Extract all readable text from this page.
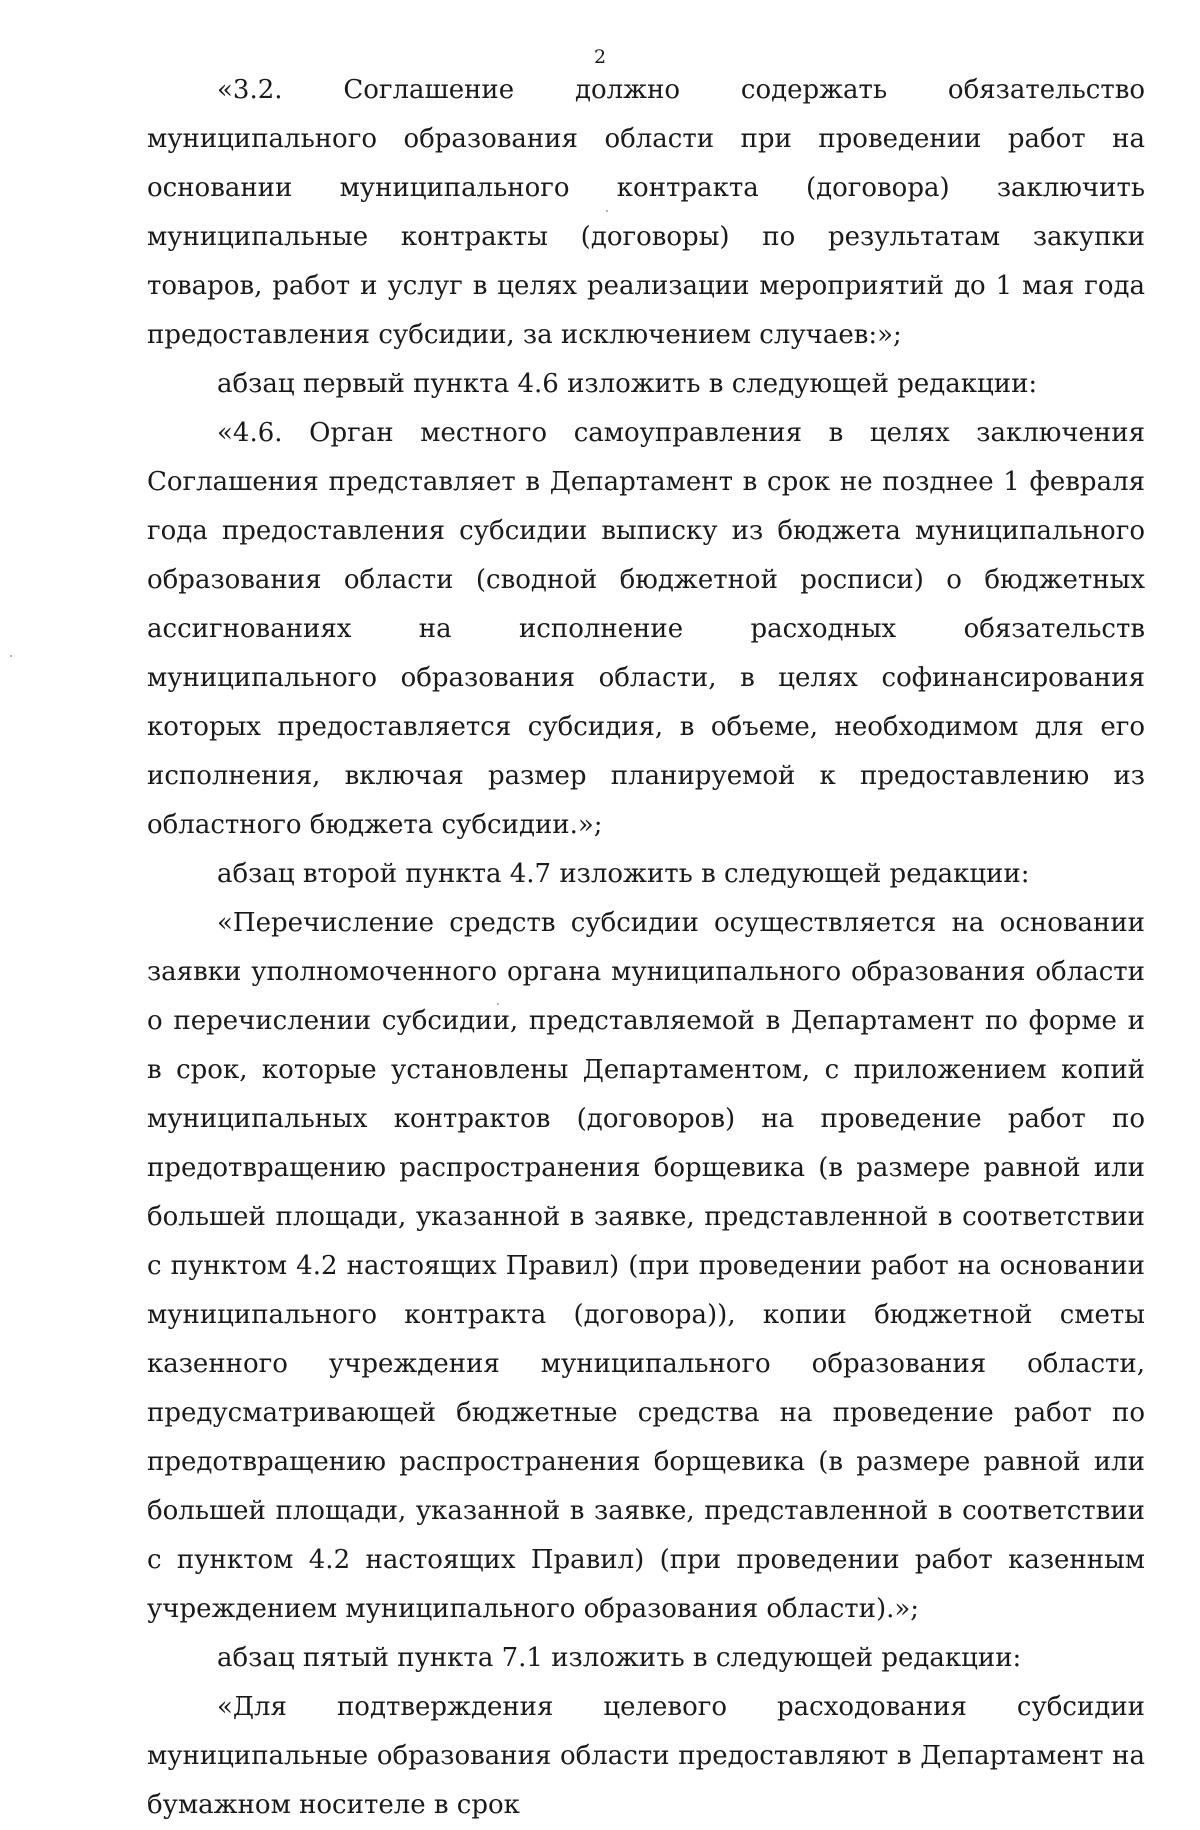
2

«3.2. Соглашение должно содержать обязательство муниципального образования области при проведении работ на основании муниципального контракта (договора) заключить муниципальные контракты (договоры) по результатам закупки товаров, работ и услуг в целях реализации мероприятий до 1 мая года предоставления субсидии, за исключением случаев:»;

абзац первый пункта 4.6 изложить в следующей редакции:

«4.6. Орган местного самоуправления в целях заключения Соглашения представляет в Департамент в срок не позднее 1 февраля года предоставления субсидии выписку из бюджета муниципального образования области (сводной бюджетной росписи) о бюджетных ассигнованиях на исполнение расходных обязательств муниципального образования области, в целях софинансирования которых предоставляется субсидия, в объеме, необходимом для его исполнения, включая размер планируемой к предоставлению из областного бюджета субсидии.»;

абзац второй пункта 4.7 изложить в следующей редакции:

«Перечисление средств субсидии осуществляется на основании заявки уполномоченного органа муниципального образования области о перечислении субсидии, представляемой в Департамент по форме и в срок, которые установлены Департаментом, с приложением копий муниципальных контрактов (договоров) на проведение работ по предотвращению распространения борщевика (в размере равной или большей площади, указанной в заявке, представленной в соответствии с пунктом 4.2 настоящих Правил) (при проведении работ на основании муниципального контракта (договора)), копии бюджетной сметы казенного учреждения муниципального образования области, предусматривающей бюджетные средства на проведение работ по предотвращению распространения борщевика (в размере равной или большей площади, указанной в заявке, представленной в соответствии с пунктом 4.2 настоящих Правил) (при проведении работ казенным учреждением муниципального образования области).»;

абзац пятый пункта 7.1 изложить в следующей редакции:

«Для подтверждения целевого расходования субсидии муниципальные образования области предоставляют в Департамент на бумажном носителе в срок
